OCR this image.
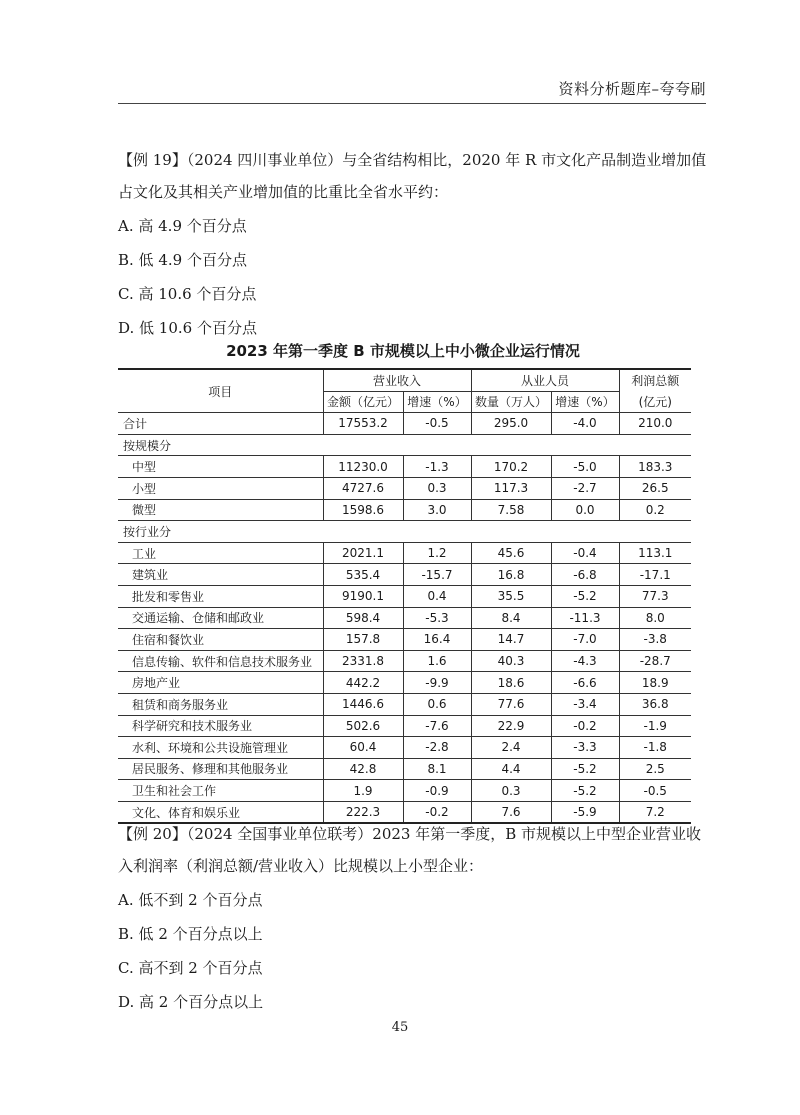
资料分析题库–夸夸刷

【例 19】（2024 四川事业单位）与全省结构相比，2020 年 R 市文化产品制造业增加值占文化及其相关产业增加值的比重比全省水平约：

A. 高 4.9 个百分点

B. 低 4.9 个百分点

C. 高 10.6 个百分点

D. 低 10.6 个百分点

2023 年第一季度 B 市规模以上中小微企业运行情况
项目	营业收入		从业人员		利润总额
	金额（亿元）	增速（%）	数量（万人）	增速（%）	(亿元)
合计	17553.2	-0.5	295.0	-4.0	210.0
按规模分					
中型	11230.0	-1.3	170.2	-5.0	183.3
小型	4727.6	0.3	117.3	-2.7	26.5
微型	1598.6	3.0	7.58	0.0	0.2
按行业分					
工业	2021.1	1.2	45.6	-0.4	113.1
建筑业	535.4	-15.7	16.8	-6.8	-17.1
批发和零售业	9190.1	0.4	35.5	-5.2	77.3
交通运输、仓储和邮政业	598.4	-5.3	8.4	-11.3	8.0
住宿和餐饮业	157.8	16.4	14.7	-7.0	-3.8
信息传输、软件和信息技术服务业	2331.8	1.6	40.3	-4.3	-28.7
房地产业	442.2	-9.9	18.6	-6.6	18.9
租赁和商务服务业	1446.6	0.6	77.6	-3.4	36.8
科学研究和技术服务业	502.6	-7.6	22.9	-0.2	-1.9
水利、环境和公共设施管理业	60.4	-2.8	2.4	-3.3	-1.8
居民服务、修理和其他服务业	42.8	8.1	4.4	-5.2	2.5
卫生和社会工作	1.9	-0.9	0.3	-5.2	-0.5
文化、体育和娱乐业	222.3	-0.2	7.6	-5.9	7.2

【例 20】（2024 全国事业单位联考）2023 年第一季度，B 市规模以上中型企业营业收入利润率（利润总额/营业收入）比规模以上小型企业：

A. 低不到 2 个百分点

B. 低 2 个百分点以上

C. 高不到 2 个百分点

D. 高 2 个百分点以上

45
